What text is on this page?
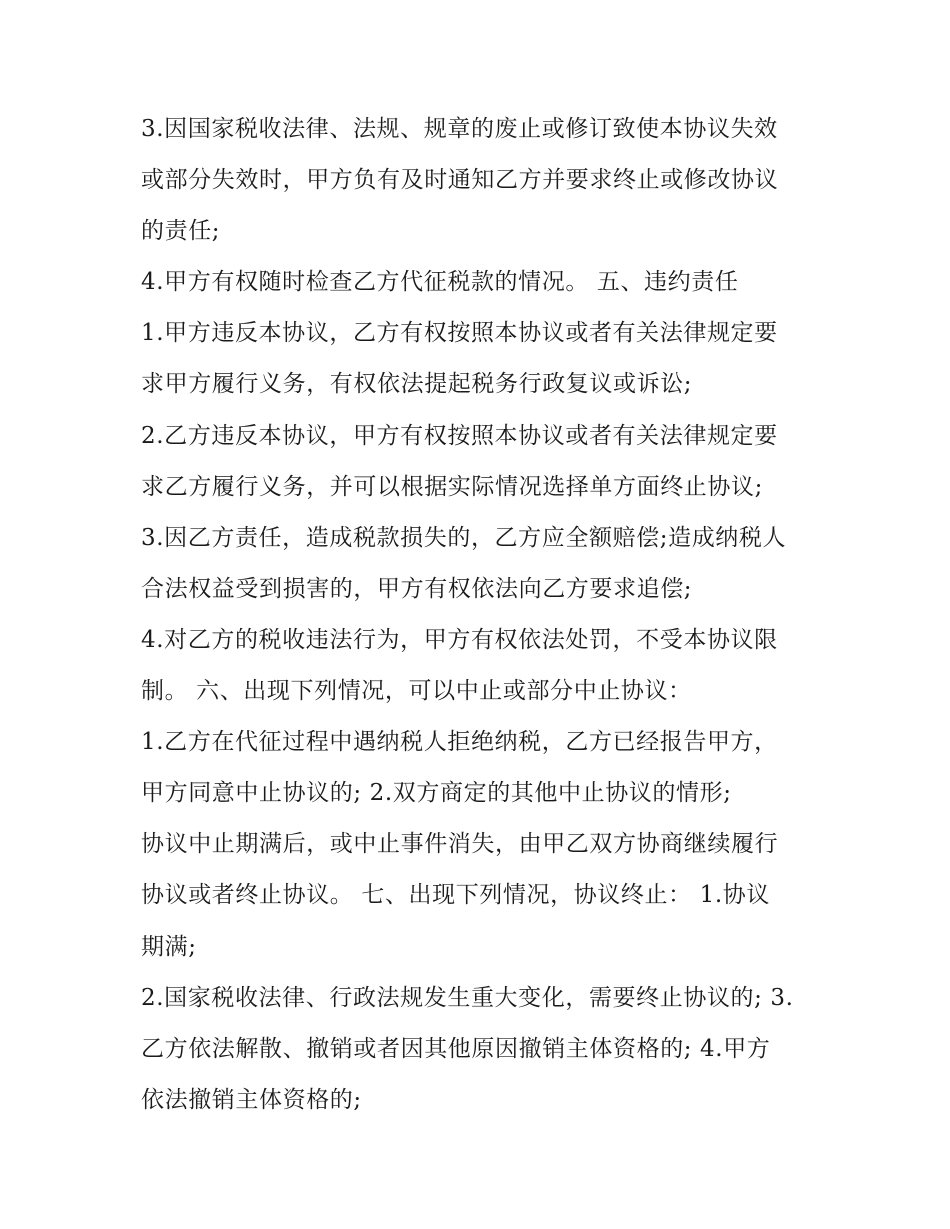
3.因国家税收法律、法规、规章的废止或修订致使本协议失效
或部分失效时，甲方负有及时通知乙方并要求终止或修改协议
的责任;
4.甲方有权随时检查乙方代征税款的情况。 五、违约责任
1.甲方违反本协议，乙方有权按照本协议或者有关法律规定要
求甲方履行义务，有权依法提起税务行政复议或诉讼;
2.乙方违反本协议，甲方有权按照本协议或者有关法律规定要
求乙方履行义务，并可以根据实际情况选择单方面终止协议;
3.因乙方责任，造成税款损失的，乙方应全额赔偿;造成纳税人
合法权益受到损害的，甲方有权依法向乙方要求追偿;
4.对乙方的税收违法行为，甲方有权依法处罚，不受本协议限
制。 六、出现下列情况，可以中止或部分中止协议：
1.乙方在代征过程中遇纳税人拒绝纳税，乙方已经报告甲方，
甲方同意中止协议的; 2.双方商定的其他中止协议的情形;
协议中止期满后，或中止事件消失，由甲乙双方协商继续履行
协议或者终止协议。 七、出现下列情况，协议终止： 1.协议
期满;
2.国家税收法律、行政法规发生重大变化，需要终止协议的; 3.
乙方依法解散、撤销或者因其他原因撤销主体资格的; 4.甲方
依法撤销主体资格的;
